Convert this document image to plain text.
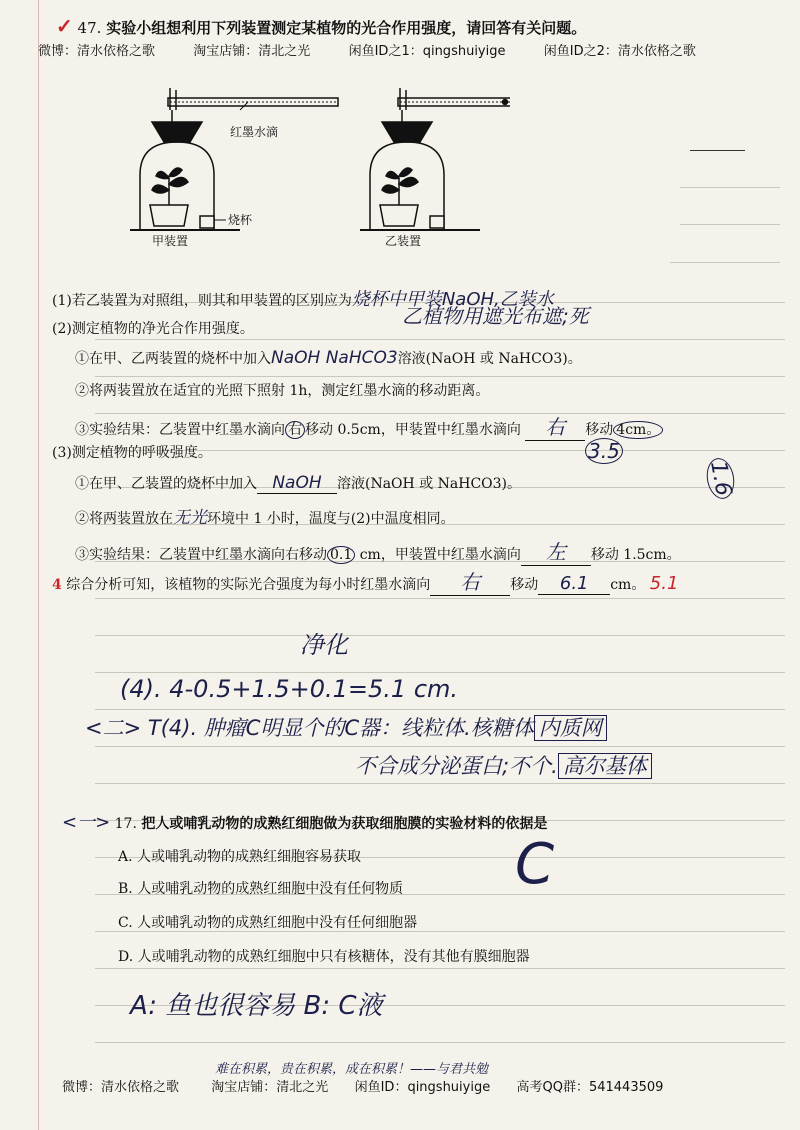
✓ 47. 实验小组想利用下列装置测定某植物的光合作用强度，请回答有关问题。
微博：清水依格之歌	淘宝店铺：清北之光	闲鱼ID之1：qingshuiyige	闲鱼ID之2：清水依格之歌
红墨水滴
烧杯
甲装置	乙装置
(1)若乙装置为对照组，则其和甲装置的区别应为烧杯中甲装NaOH,乙装水
乙植物用遮光布遮;死
(2)测定植物的净光合作用强度。
①在甲、乙两装置的烧杯中加入NaOH NaHCO3溶液(NaOH 或 NaHCO3)。
②将两装置放在适宜的光照下照射 1h，测定红墨水滴的移动距离。
③实验结果：乙装置中红墨水滴向 右 移动 0.5cm，甲装置中红墨水滴向 右 移动 4cm。
3.5
(3)测定植物的呼吸强度。
①在甲、乙装置的烧杯中加入 NaOH 溶液(NaOH 或 NaHCO3)。	1.6
②将两装置放在无光环境中 1 小时，温度与(2)中温度相同。
③实验结果：乙装置中红墨水滴向右移动 0.1 cm，甲装置中红墨水滴向 左 移动 1.5cm。
4 综合分析可知，该植物的实际光合强度为每小时红墨水滴向 右 移动 6.1 cm。 5.1
净化
(4). 4-0.5+1.5+0.1=5.1 cm.
<二> T(4). 肿瘤C明显个的C器：线粒体.核糖体 内质网
不合成分泌蛋白;不个. 高尔基体
<一> 17. 把人或哺乳动物的成熟红细胞做为获取细胞膜的实验材料的依据是
C
A. 人或哺乳动物的成熟红细胞容易获取
B. 人或哺乳动物的成熟红细胞中没有任何物质
C. 人或哺乳动物的成熟红细胞中没有任何细胞器
D. 人或哺乳动物的成熟红细胞中只有核糖体，没有其他有膜细胞器
A: 鱼也很容易 B: C液
难在积累，贵在积累，成在积累！——与君共勉
微博：清水依格之歌 淘宝店铺：清北之光 闲鱼ID：qingshuiyige 高考QQ群：541443509
